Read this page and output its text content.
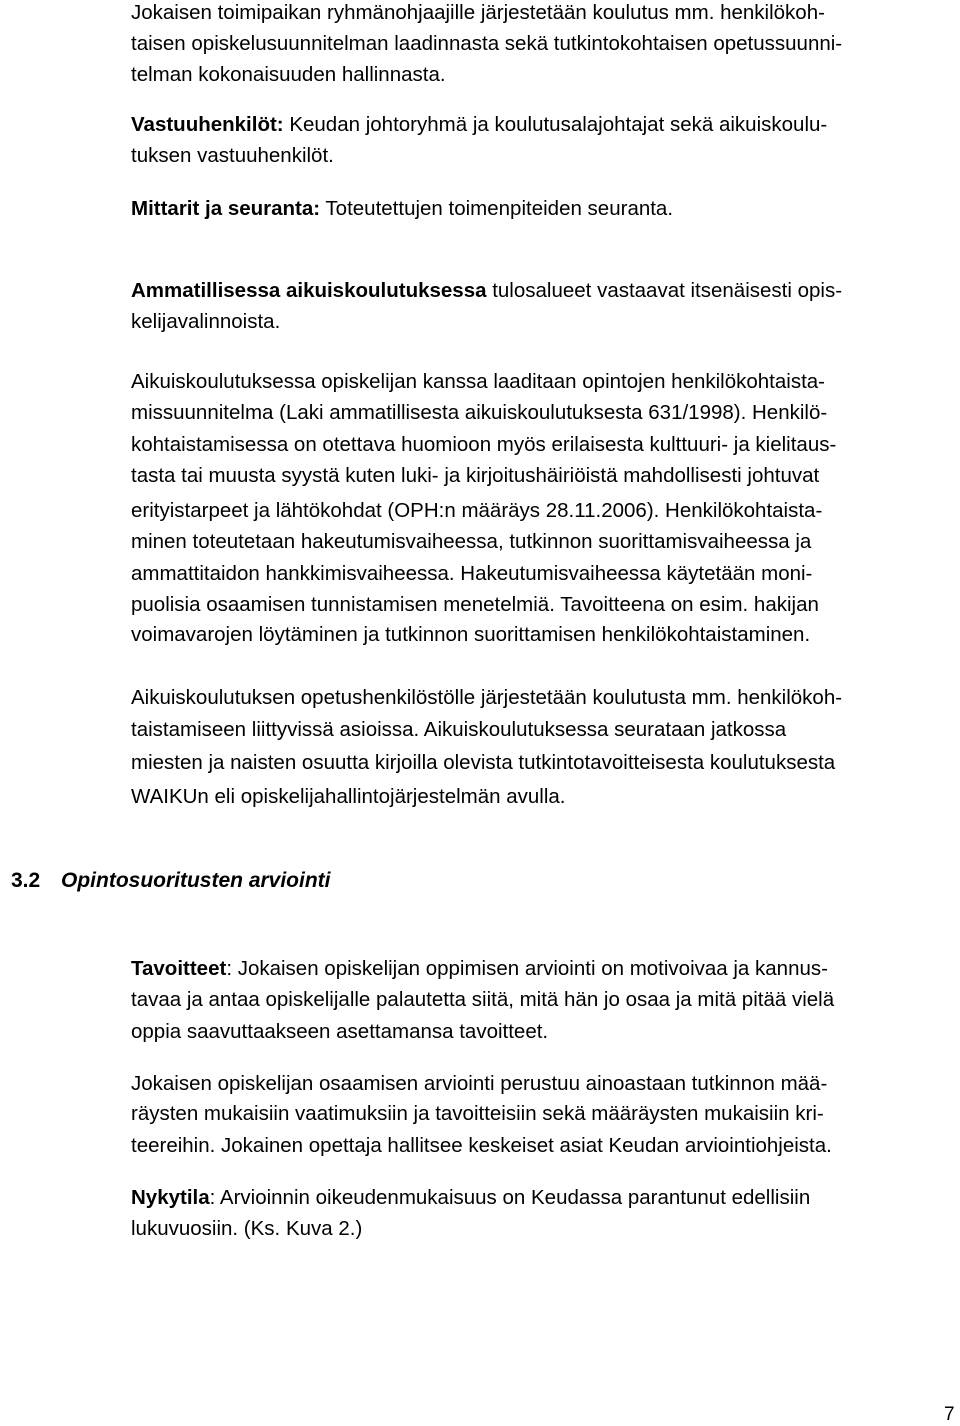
Jokaisen toimipaikan ryhmänohjaajille järjestetään koulutus mm. henkilökoh-
taisen opiskelusuunnitelman laadinnasta sekä tutkintokohtaisen opetussuunni-
telman kokonaisuuden hallinnasta.
Vastuuhenkilöt: Keudan johtoryhmä ja koulutusalajohtajat sekä aikuiskoulu-
tuksen vastuuhenkilöt.
Mittarit ja seuranta: Toteutettujen toimenpiteiden seuranta.
Ammatillisessa aikuiskoulutuksessa tulosalueet vastaavat itsenäisesti opis-
kelijavalinnoista.
Aikuiskoulutuksessa opiskelijan kanssa laaditaan opintojen henkilökohtaista-
missuunnitelma (Laki ammatillisesta aikuiskoulutuksesta 631/1998). Henkilö-
kohtaistamisessa on otettava huomioon myös erilaisesta kulttuuri- ja kielitaus-
tasta tai muusta syystä kuten luki- ja kirjoitushäiriöistä mahdollisesti johtuvat
erityistarpeet ja lähtökohdat (OPH:n määräys 28.11.2006). Henkilökohtaista-
minen toteutetaan hakeutumisvaiheessa, tutkinnon suorittamisvaiheessa ja
ammattitaidon hankkimisvaiheessa. Hakeutumisvaiheessa käytetään moni-
puolisia osaamisen tunnistamisen menetelmiä. Tavoitteena on esim. hakijan
voimavarojen löytäminen ja tutkinnon suorittamisen henkilökohtaistaminen.
Aikuiskoulutuksen opetushenkilöstölle järjestetään koulutusta mm. henkilökoh-
taistamiseen liittyvissä asioissa. Aikuiskoulutuksessa seurataan jatkossa
miesten ja naisten osuutta kirjoilla olevista tutkintotavoitteisesta koulutuksesta
WAIKUn eli opiskelijahallintojärjestelmän avulla.
Tavoitteet: Jokaisen opiskelijan oppimisen arviointi on motivoivaa ja kannus-
tavaa ja antaa opiskelijalle palautetta siitä, mitä hän jo osaa ja mitä pitää vielä
oppia saavuttaakseen asettamansa tavoitteet.
Jokaisen opiskelijan osaamisen arviointi perustuu ainoastaan tutkinnon mää-
räysten mukaisiin vaatimuksiin ja tavoitteisiin sekä määräysten mukaisiin kri-
teereihin. Jokainen opettaja hallitsee keskeiset asiat Keudan arviointiohjeista.
Nykytila: Arvioinnin oikeudenmukaisuus on Keudassa parantunut edellisiin
lukuvuosiin. (Ks. Kuva 2.)
3.2 Opintosuoritusten arviointi
7
